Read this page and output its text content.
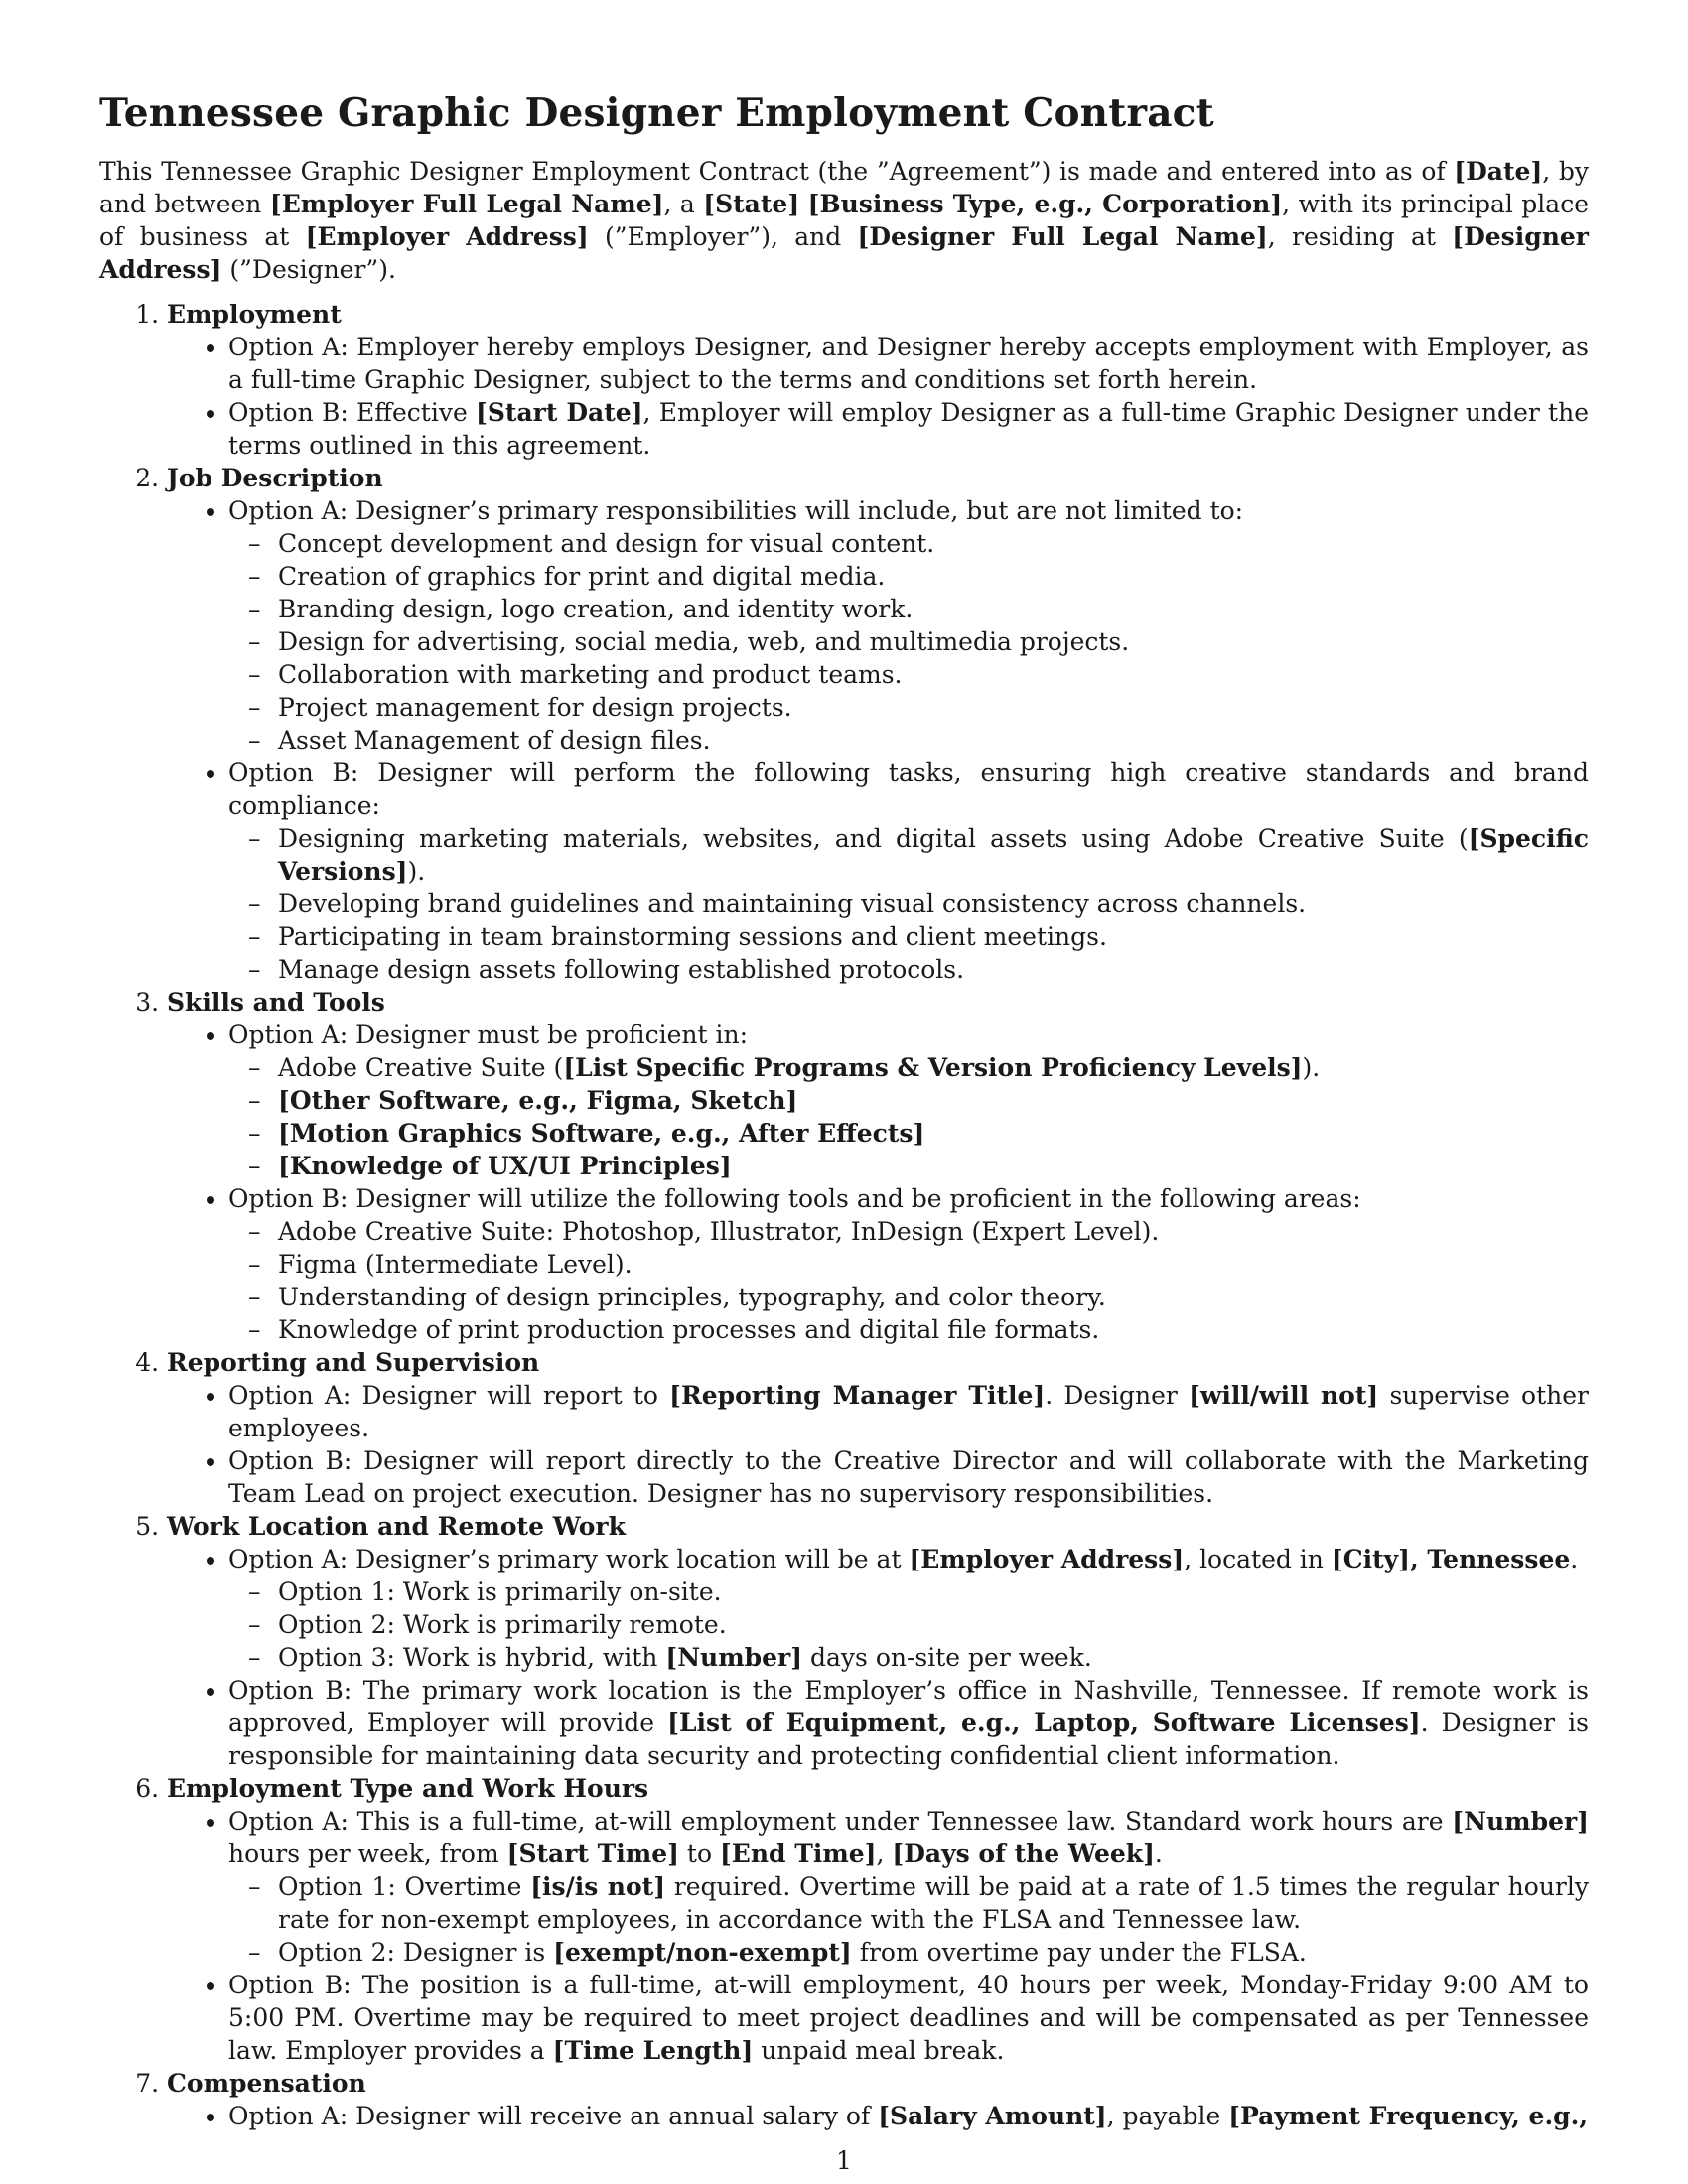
Tennessee Graphic Designer Employment Contract

This Tennessee Graphic Designer Employment Contract (the ”Agreement”) is made and entered into as of [Date], by and between [Employer Full Legal Name], a [State] [Business Type, e.g., Corporation], with its principal place of business at [Employer Address] (”Employer”), and [Designer Full Legal Name], residing at [Designer Address] (”Designer”).

1. Employment
• Option A: Employer hereby employs Designer, and Designer hereby accepts employment with Employer, as a full-time Graphic Designer, subject to the terms and conditions set forth herein.
• Option B: Effective [Start Date], Employer will employ Designer as a full-time Graphic Designer under the terms outlined in this agreement.
2. Job Description
• Option A: Designer’s primary responsibilities will include, but are not limited to:
– Concept development and design for visual content.
– Creation of graphics for print and digital media.
– Branding design, logo creation, and identity work.
– Design for advertising, social media, web, and multimedia projects.
– Collaboration with marketing and product teams.
– Project management for design projects.
– Asset Management of design files.
• Option B: Designer will perform the following tasks, ensuring high creative standards and brand compliance:
– Designing marketing materials, websites, and digital assets using Adobe Creative Suite ([Specific Versions]).
– Developing brand guidelines and maintaining visual consistency across channels.
– Participating in team brainstorming sessions and client meetings.
– Manage design assets following established protocols.
3. Skills and Tools
• Option A: Designer must be proficient in:
– Adobe Creative Suite ([List Specific Programs & Version Proficiency Levels]).
– [Other Software, e.g., Figma, Sketch]
– [Motion Graphics Software, e.g., After Effects]
– [Knowledge of UX/UI Principles]
• Option B: Designer will utilize the following tools and be proficient in the following areas:
– Adobe Creative Suite: Photoshop, Illustrator, InDesign (Expert Level).
– Figma (Intermediate Level).
– Understanding of design principles, typography, and color theory.
– Knowledge of print production processes and digital file formats.
4. Reporting and Supervision
• Option A: Designer will report to [Reporting Manager Title]. Designer [will/will not] supervise other employees.
• Option B: Designer will report directly to the Creative Director and will collaborate with the Marketing Team Lead on project execution. Designer has no supervisory responsibilities.
5. Work Location and Remote Work
• Option A: Designer’s primary work location will be at [Employer Address], located in [City], Tennessee.
– Option 1: Work is primarily on-site.
– Option 2: Work is primarily remote.
– Option 3: Work is hybrid, with [Number] days on-site per week.
• Option B: The primary work location is the Employer’s office in Nashville, Tennessee. If remote work is approved, Employer will provide [List of Equipment, e.g., Laptop, Software Licenses]. Designer is responsible for maintaining data security and protecting confidential client information.
6. Employment Type and Work Hours
• Option A: This is a full-time, at-will employment under Tennessee law. Standard work hours are [Number] hours per week, from [Start Time] to [End Time], [Days of the Week].
– Option 1: Overtime [is/is not] required. Overtime will be paid at a rate of 1.5 times the regular hourly rate for non-exempt employees, in accordance with the FLSA and Tennessee law.
– Option 2: Designer is [exempt/non-exempt] from overtime pay under the FLSA.
• Option B: The position is a full-time, at-will employment, 40 hours per week, Monday-Friday 9:00 AM to 5:00 PM. Overtime may be required to meet project deadlines and will be compensated as per Tennessee law. Employer provides a [Time Length] unpaid meal break.
7. Compensation
• Option A: Designer will receive an annual salary of [Salary Amount], payable [Payment Frequency, e.g.,
1
